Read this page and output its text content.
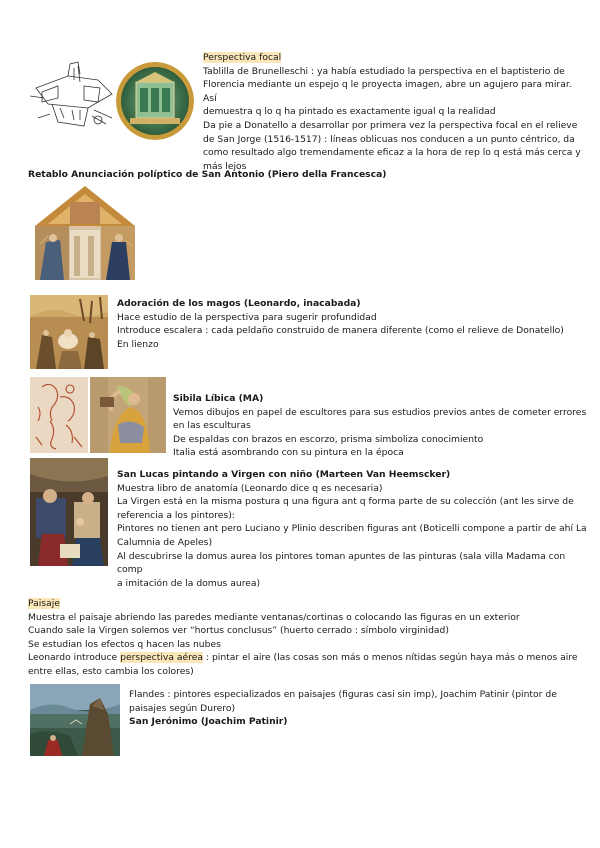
Perspectiva focal

Tablilla de Brunelleschi : ya había estudiado la perspectiva en el baptisterio de

Florencia mediante un espejo q le proyecta imagen, abre un agujero para mirar. Así

demuestra q lo q ha pintado es exactamente igual q la realidad

Da pie a Donatello a desarrollar por primera vez la perspectiva focal en el relieve

de San Jorge (1516-1517) : líneas oblicuas nos conducen a un punto céntrico, da

como resultado algo tremendamente eficaz a la hora de rep lo q está más cerca y

más lejos

Retablo Anunciación políptico de San Antonio (Piero della Francesca)

Adoración de los magos (Leonardo, inacabada)

Hace estudio de la perspectiva para sugerir profundidad

Introduce escalera : cada peldaño construido de manera diferente (como el relieve de Donatello)

En lienzo

Sibila Líbica (MA)

Vemos dibujos en papel de escultores para sus estudios previos antes de cometer errores

en las esculturas

De espaldas con brazos en escorzo, prisma simboliza conocimiento

Italia está asombrando con su pintura en la época

San Lucas pintando a Virgen con niño (Marteen Van Heemscker)

Muestra libro de anatomía (Leonardo dice q es necesaria)

La Virgen está en la misma postura q una figura ant q forma parte de su colección (ant les sirve de

referencia a los pintores):

Pintores no tienen ant pero Luciano y Plinio describen figuras ant (Boticelli compone a partir de ahí La

Calumnia de Apeles)

Al descubrirse la domus aurea los pintores toman apuntes de las pinturas (sala villa Madama con comp

a imitación de la domus aurea)

Paisaje

Muestra el paisaje abriendo las paredes mediante ventanas/cortinas o colocando las figuras en un exterior

Cuando sale la Virgen solemos ver “hortus conclusus” (huerto cerrado : símbolo virginidad)

Se estudian los efectos q hacen las nubes

Leonardo introduce perspectiva aérea : pintar el aire (las cosas son más o menos nítidas según haya más o menos aire

entre ellas, esto cambia los colores)

Flandes : pintores especializados en paisajes (figuras casi sin imp), Joachim Patinir (pintor de

paisajes según Durero)

San Jerónimo (Joachim Patinir)
